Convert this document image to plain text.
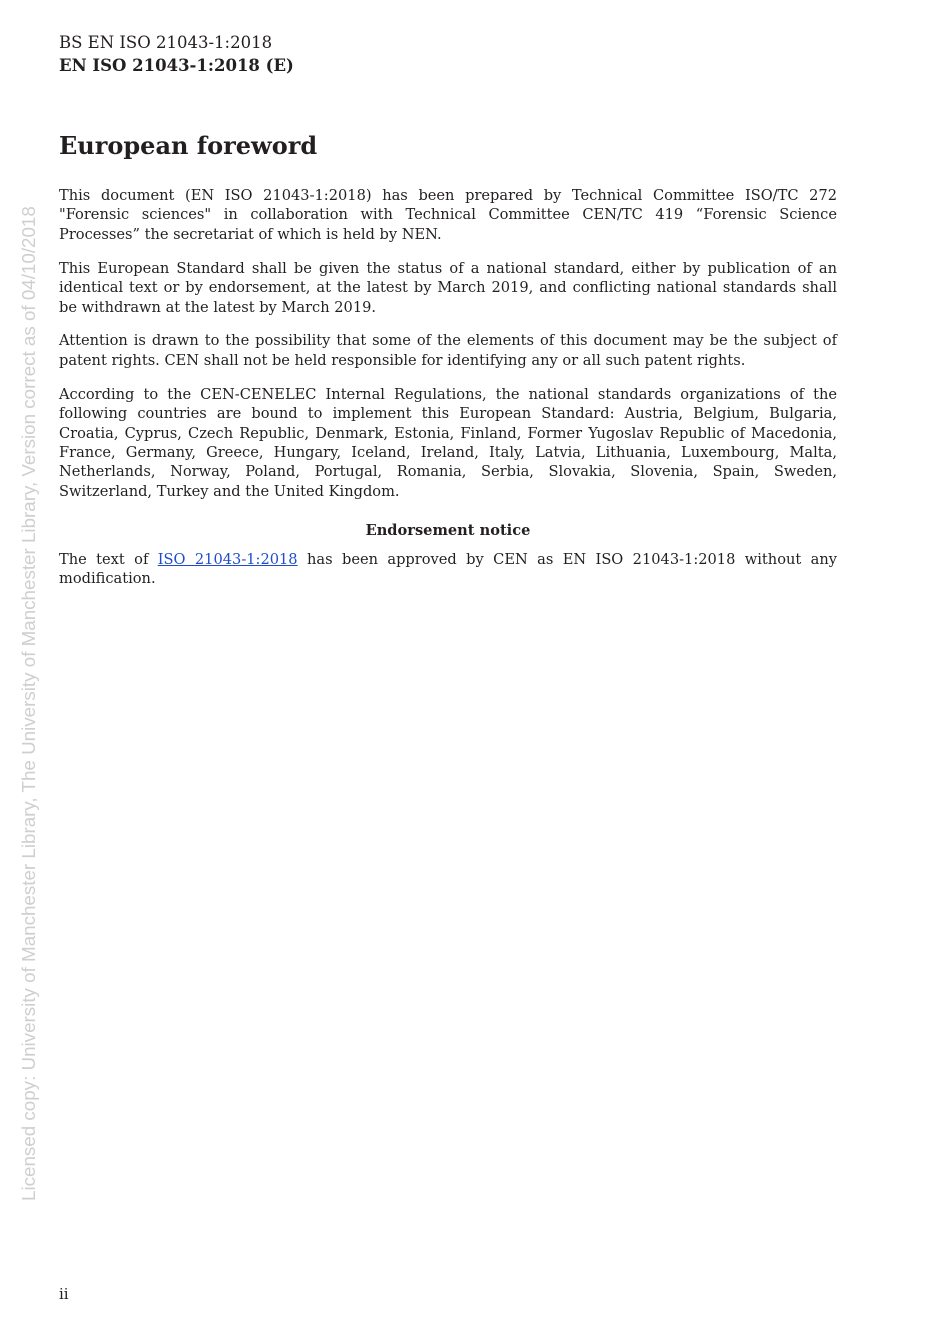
BS EN ISO 21043-1:2018
EN ISO 21043-1:2018 (E)
European foreword

This document (EN ISO 21043-1:2018) has been prepared by Technical Committee ISO/TC 272 "Forensic sciences" in collaboration with Technical Committee CEN/TC 419 “Forensic Science Processes” the secretariat of which is held by NEN.

This European Standard shall be given the status of a national standard, either by publication of an identical text or by endorsement, at the latest by March 2019, and conflicting national standards shall be withdrawn at the latest by March 2019.

Attention is drawn to the possibility that some of the elements of this document may be the subject of patent rights. CEN shall not be held responsible for identifying any or all such patent rights.

According to the CEN-CENELEC Internal Regulations, the national standards organizations of the following countries are bound to implement this European Standard: Austria, Belgium, Bulgaria, Croatia, Cyprus, Czech Republic, Denmark, Estonia, Finland, Former Yugoslav Republic of Macedonia, France, Germany, Greece, Hungary, Iceland, Ireland, Italy, Latvia, Lithuania, Luxembourg, Malta, Netherlands, Norway, Poland, Portugal, Romania, Serbia, Slovakia, Slovenia, Spain, Sweden, Switzerland, Turkey and the United Kingdom.

Endorsement notice

The text of ISO 21043-1:2018 has been approved by CEN as EN ISO 21043-1:2018 without any modification.

Licensed copy: University of Manchester Library, The University of Manchester Library, Version correct as of 04/10/2018
ii
